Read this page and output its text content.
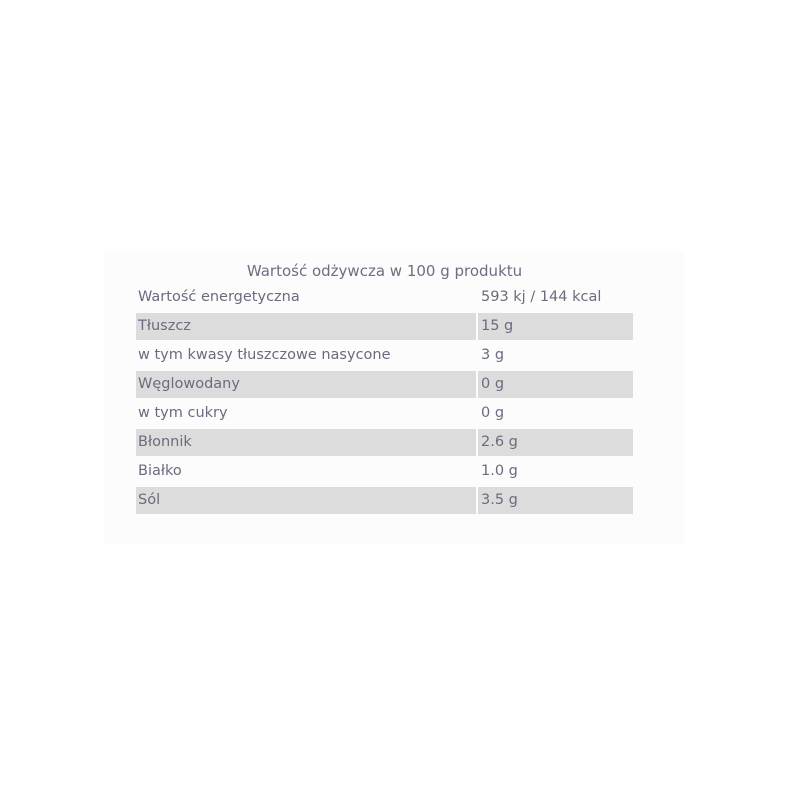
Wartość odżywcza w 100 g produktu
Wartość energetyczna	593 kj / 144 kcal
Tłuszcz	15 g
w tym kwasy tłuszczowe nasycone	3 g
Węglowodany	0 g
w tym cukry	0 g
Błonnik	2.6 g
Białko	1.0 g
Sól	3.5 g
